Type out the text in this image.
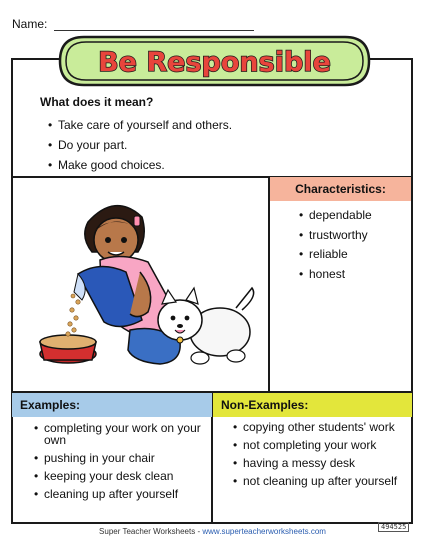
Name:
Be Responsible
What does it mean?
• Take care of yourself and others.
• Do your part.
• Make good choices.
Characteristics:
• dependable
• trustworthy
• reliable
• honest
Examples:
• completing your work on your own
• pushing in your chair
• keeping your desk clean
• cleaning up after yourself
Non-Examples:
• copying other students' work
• not completing your work
• having a messy desk
• not cleaning up after yourself
Super Teacher Worksheets - www.superteacherworksheets.com	494525
